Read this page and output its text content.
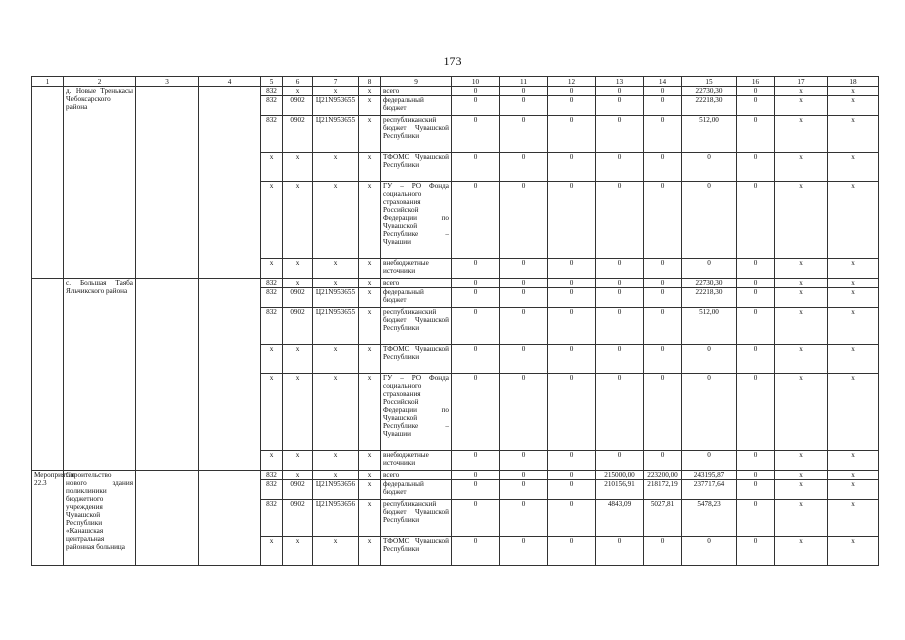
173
1	2	3	4	5	6	7	8	9	10	11	12	13	14	15	16	17	18
	д. Новые Тренькасы Чебоксарского района			832	х	х	х	всего	0	0	0	0	0	22730,30	0	х	х
				832	0902	Ц21N953655	х	федеральный бюджет	0	0	0	0	0	22218,30	0	х	х
				832	0902	Ц21N953655	х	республиканский бюджет Чувашской Республики	0	0	0	0	0	512,00	0	х	х
				х	х	х	х	ТФОМС Чувашской Республики	0	0	0	0	0	0	0	х	х
				х	х	х	х	ГУ – РО Фонда социального страхования Российской Федерации по Чувашской Республике – Чувашии	0	0	0	0	0	0	0	х	х
				х	х	х	х	внебюджетные источники	0	0	0	0	0	0	0	х	х
	с. Большая Таяба Яльчикского района			832	х	х	х	всего	0	0	0	0	0	22730,30	0	х	х
				832	0902	Ц21N953655	х	федеральный бюджет	0	0	0	0	0	22218,30	0	х	х
				832	0902	Ц21N953655	х	республиканский бюджет Чувашской Республики	0	0	0	0	0	512,00	0	х	х
				х	х	х	х	ТФОМС Чувашской Республики	0	0	0	0	0	0	0	х	х
				х	х	х	х	ГУ – РО Фонда социального страхования Российской Федерации по Чувашской Республике – Чувашии	0	0	0	0	0	0	0	х	х
				х	х	х	х	внебюджетные источники	0	0	0	0	0	0	0	х	х
Мероприятие 22.3	Строительство нового здания поликлиники бюджетного учреждения Чувашской Республики «Канашская центральная районная больница			832	х	х	х	всего	0	0	0	215000,00	223200,00	243195,87	0	х	х
				832	0902	Ц21N953656	х	федеральный бюджет	0	0	0	210156,91	218172,19	237717,64	0	х	х
				832	0902	Ц21N953656	х	республиканский бюджет Чувашской Республики	0	0	0	4843,09	5027,81	5478,23	0	х	х
				х	х	х	х	ТФОМС Чувашской Республики	0	0	0	0	0	0	0	х	х
